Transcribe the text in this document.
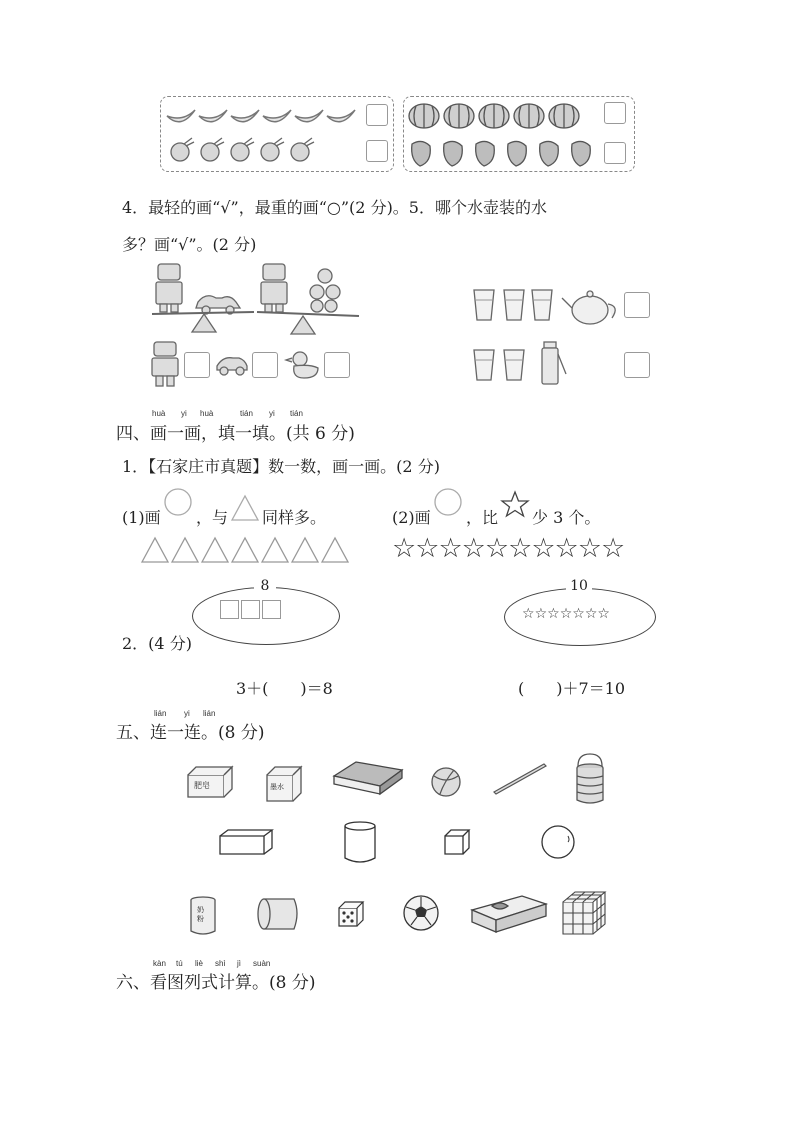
4．最轻的画“√”，最重的画“○”(2 分)。5．哪个水壶装的水
多？画“√”。(2 分)
huà yi huà	tián yi tián
四、画一画，填一填。(共 6 分)
1．【石家庄市真题】数一数，画一画。(2 分)
(1)画 ，与 同样多。	(2)画 ，比 少 3 个。
☆☆☆☆☆☆☆☆☆☆
8	10
☆☆☆☆☆☆☆
2．(4 分)
3＋(　　)＝8	(　　)＋7＝10
lián yi lián
五、连一连。(8 分)
肥皂	墨水
奶粉
kàn tú liè shì jì suàn
六、看图列式计算。(8 分)
